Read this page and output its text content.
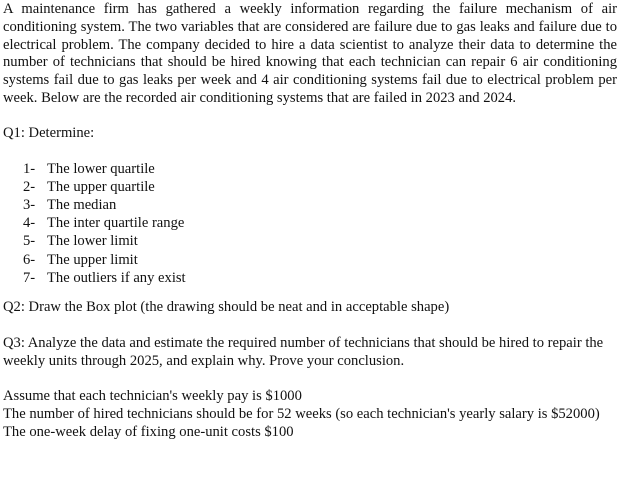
A maintenance firm has gathered a weekly information regarding the failure mechanism of air conditioning system. The two variables that are considered are failure due to gas leaks and failure due to electrical problem. The company decided to hire a data scientist to analyze their data to determine the number of technicians that should be hired knowing that each technician can repair 6 air conditioning systems fail due to gas leaks per week and 4 air conditioning systems fail due to electrical problem per week. Below are the recorded air conditioning systems that are failed in 2023 and 2024.

Q1: Determine:

1- The lower quartile
2- The upper quartile
3- The median
4- The inter quartile range
5- The lower limit
6- The upper limit
7- The outliers if any exist

Q2: Draw the Box plot (the drawing should be neat and in acceptable shape)

Q3: Analyze the data and estimate the required number of technicians that should be hired to repair the weekly units through 2025, and explain why. Prove your conclusion.

Assume that each technician's weekly pay is $1000

The number of hired technicians should be for 52 weeks (so each technician's yearly salary is $52000)

The one-week delay of fixing one-unit costs $100
